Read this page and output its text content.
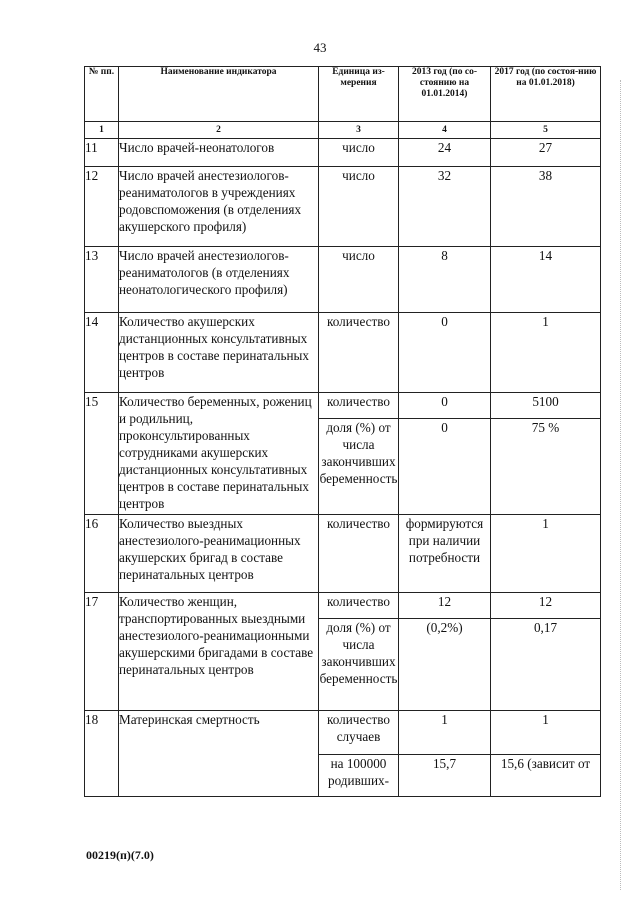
43
№ пп.	Наименование индикатора	Единица из-мерения	2013 год (по со-стоянию на 01.01.2014)	2017 год (по состоя-нию на 01.01.2018)
1	2	3	4	5
11	Число врачей-неонатологов	число	24	27
12	Число врачей анестезиологов-реаниматологов в учреждениях родовспоможения (в отделениях акушерского профиля)	число	32	38
13	Число врачей анестезиологов-реаниматологов (в отделениях неонатологического профиля)	число	8	14
14	Количество акушерских дистанционных консультативных центров в составе перинатальных центров	количество	0	1
15	Количество беременных, рожениц и родильниц, проконсультированных сотрудниками акушерских дистанционных консультативных центров в составе перинатальных центров	количество	0	5100
		доля (%) от числа закончивших беременность	0	75 %
16	Количество выездных анестезиолого-реанимационных акушерских бригад в составе перинатальных центров	количество	формируются при наличии потребности	1
17	Количество женщин, транспортированных выездными анестезиолого-реанимационными акушерскими бригадами в составе перинатальных центров	количество	12	12
		доля (%) от числа закончивших беременность	(0,2%)	0,17
18	Материнская смертность	количество случаев	1	1
		на 100000 родивших-	15,7	15,6 (зависит от
00219(п)(7.0)
